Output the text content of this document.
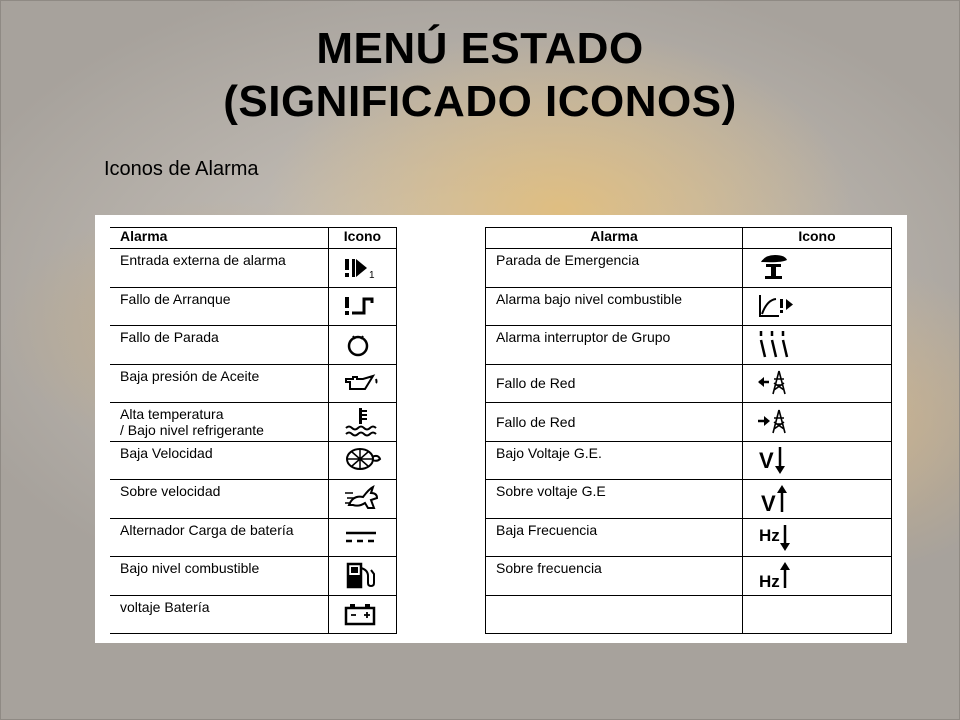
MENÚ ESTADO
(SIGNIFICADO ICONOS)
Iconos de Alarma
Alarma	Icono
Entrada externa de alarma	1

Fallo de Arranque	

Fallo de Parada	

Baja presión de Aceite	

Alta temperatura
/ Bajo nivel refrigerante	

Baja Velocidad	

Sobre velocidad	

Alternador Carga de batería	

Bajo nivel combustible	

voltaje Batería	
Alarma	Icono
Parada de Emergencia	

Alarma bajo nivel combustible	

Alarma interruptor de Grupo	

Fallo de Red	

Fallo de Red	

Bajo Voltaje G.E.	V

Sobre voltaje G.E	V

Baja Frecuencia	Hz

Sobre frecuencia	Hz
